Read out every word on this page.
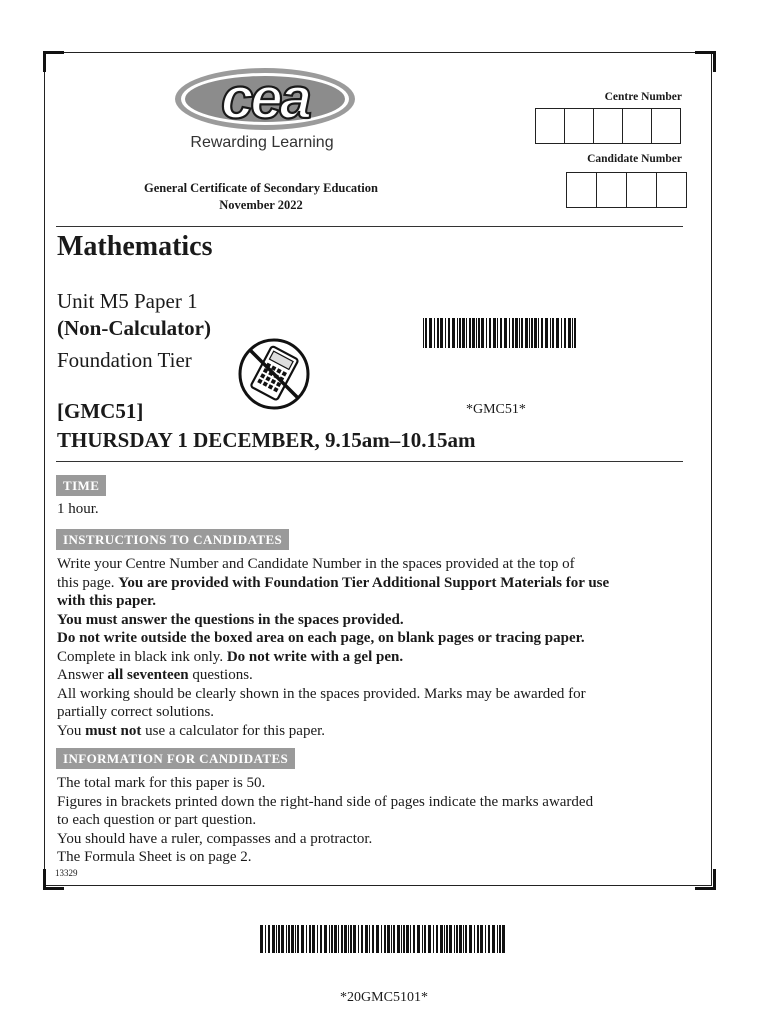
cea
Rewarding Learning
General Certificate of Secondary Education
November 2022
Centre Number
Candidate Number
Mathematics
Unit M5 Paper 1
(Non-Calculator)
Foundation Tier
*GMC51*
[GMC51]
THURSDAY 1 DECEMBER, 9.15am–10.15am
TIME
1 hour.
INSTRUCTIONS TO CANDIDATES

Write your Centre Number and Candidate Number in the spaces provided at the top of

this page. You are provided with Foundation Tier Additional Support Materials for use

with this paper.

You must answer the questions in the spaces provided.

Do not write outside the boxed area on each page, on blank pages or tracing paper.

Complete in black ink only. Do not write with a gel pen.

Answer all seventeen questions.

All working should be clearly shown in the spaces provided. Marks may be awarded for

partially correct solutions.

You must not use a calculator for this paper.

INFORMATION FOR CANDIDATES

The total mark for this paper is 50.

Figures in brackets printed down the right-hand side of pages indicate the marks awarded

to each question or part question.

You should have a ruler, compasses and a protractor.

The Formula Sheet is on page 2.

13329
*20GMC5101*
